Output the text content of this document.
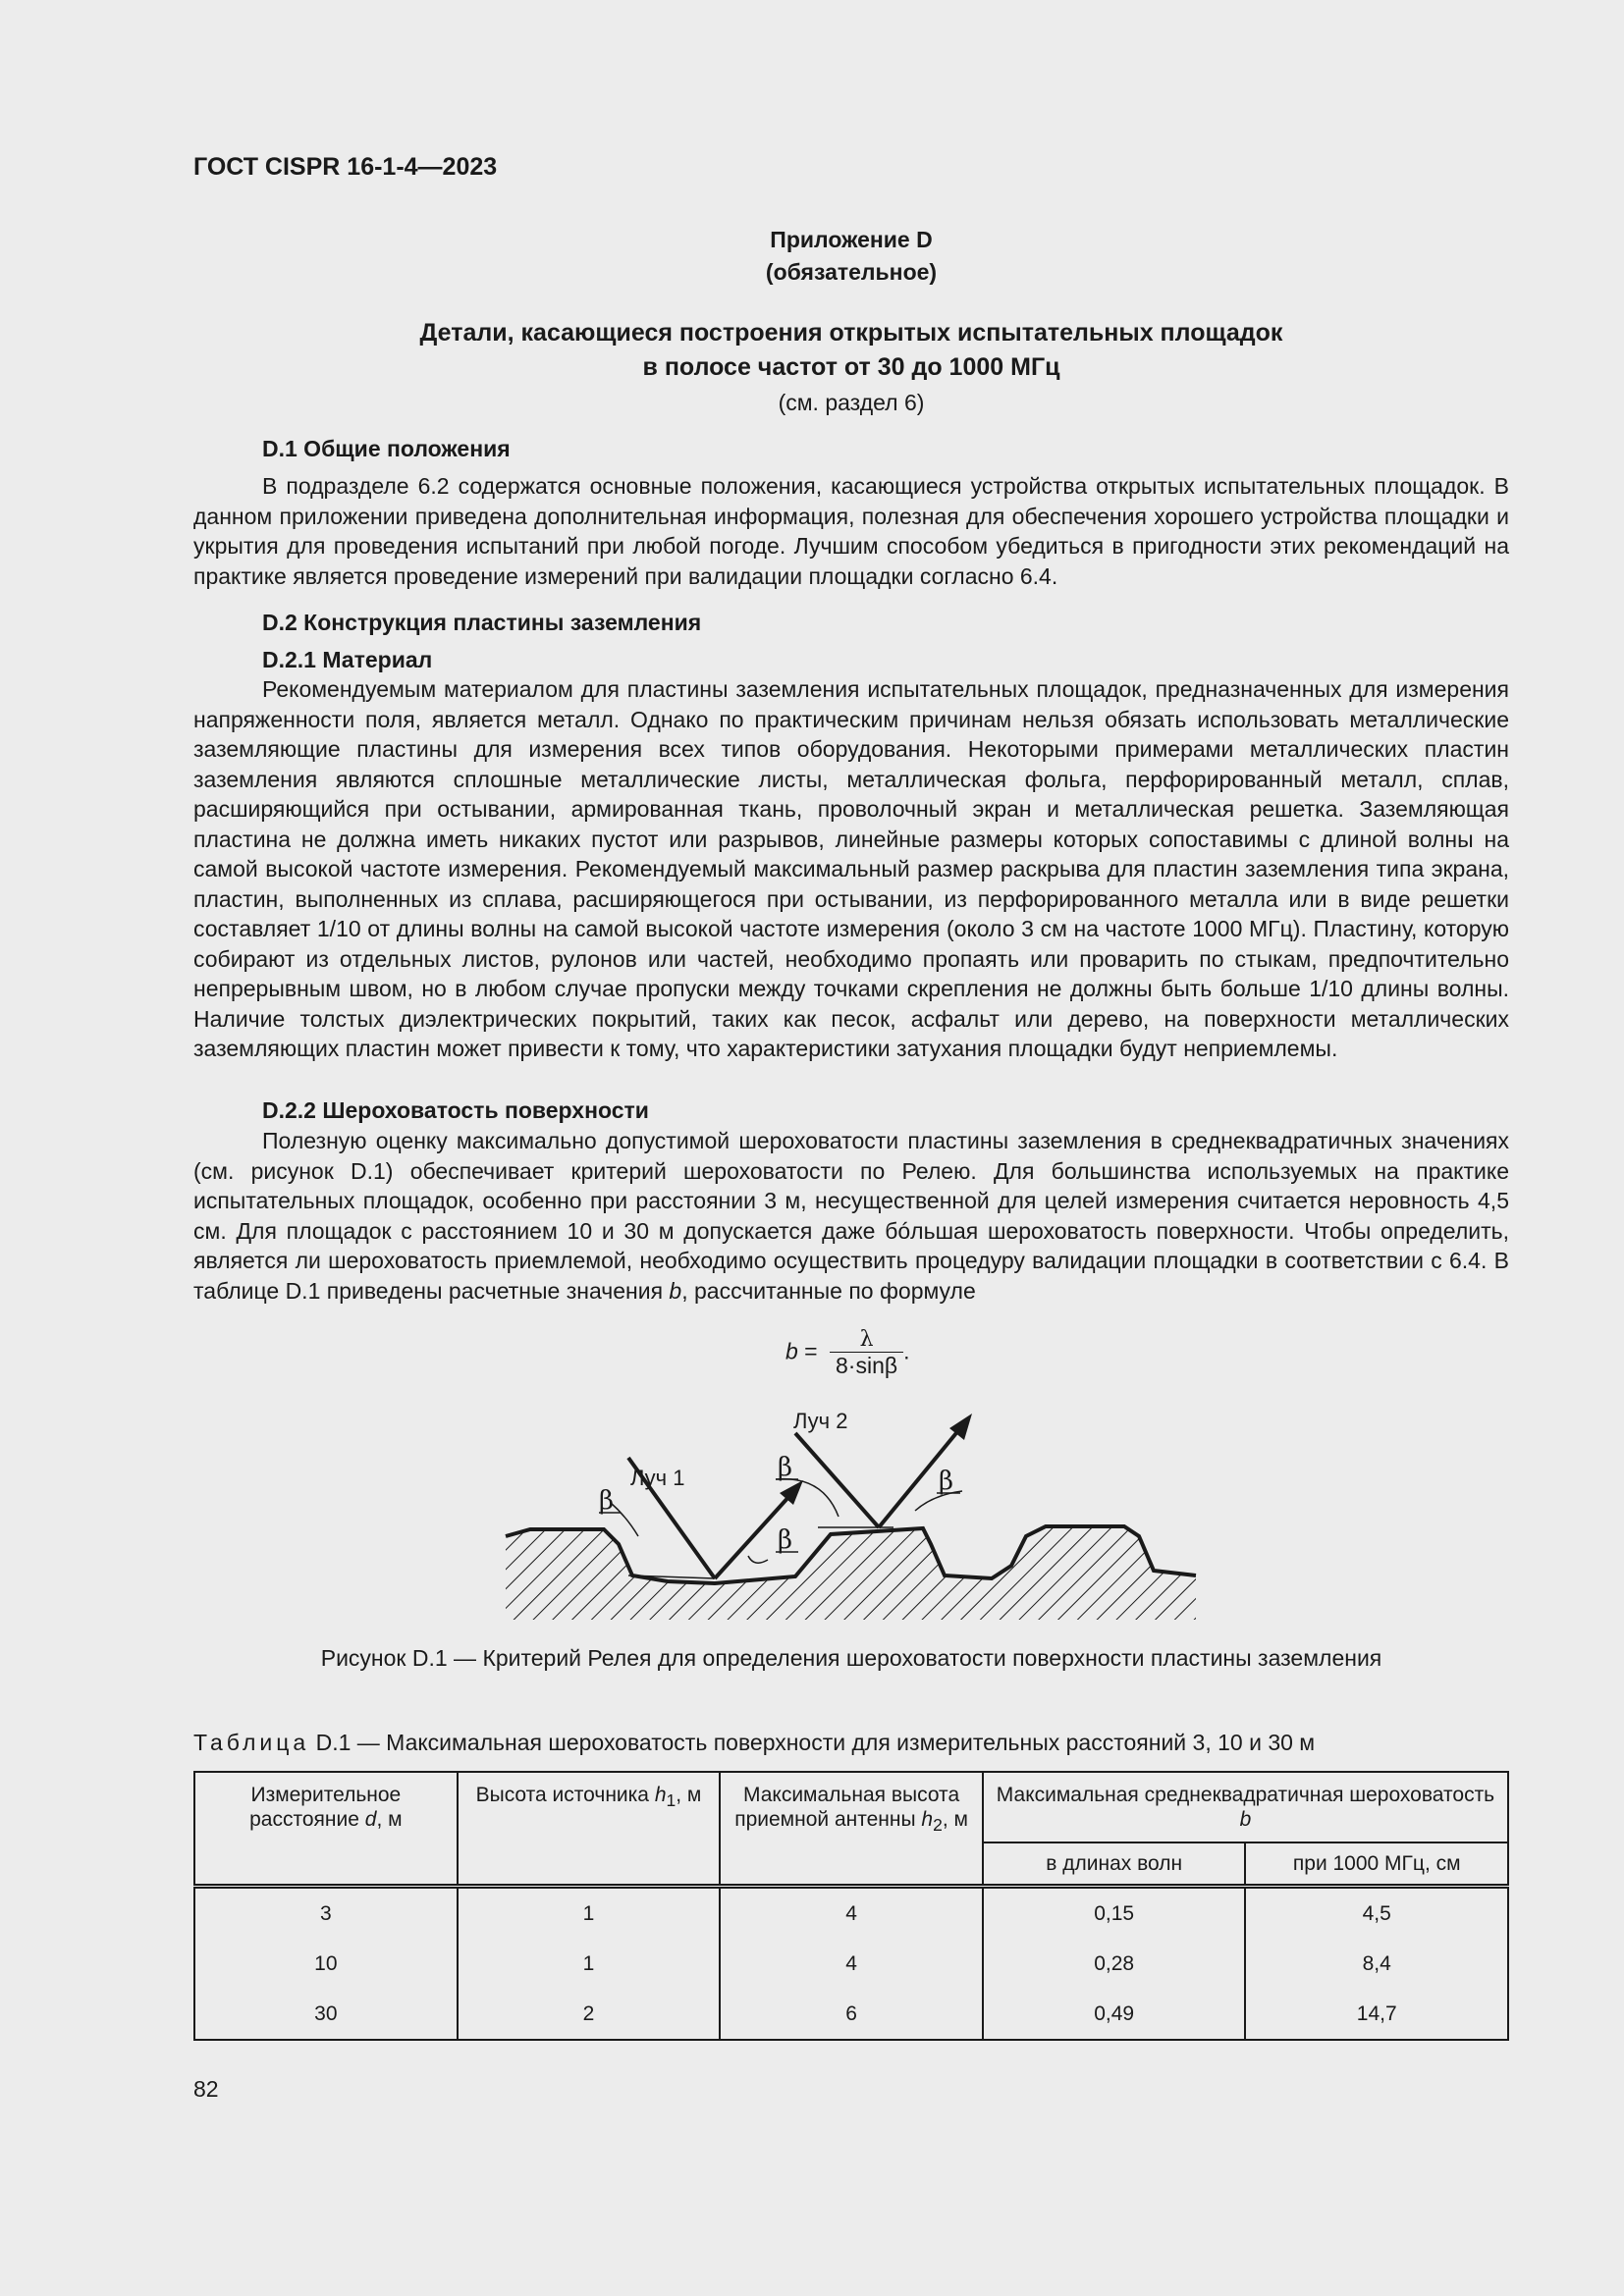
ГОСТ CISPR 16-1-4—2023
Приложение D
(обязательное)
Детали, касающиеся построения открытых испытательных площадок
в полосе частот от 30 до 1000 МГц
(см. раздел 6)
D.1 Общие положения

В подразделе 6.2 содержатся основные положения, касающиеся устройства открытых испытательных площадок. В данном приложении приведена дополнительная информация, полезная для обеспечения хорошего устройства площадки и укрытия для проведения испытаний при любой погоде. Лучшим способом убедиться в пригодности этих рекомендаций на практике является проведение измерений при валидации площадки согласно 6.4.

D.2 Конструкция пластины заземления
D.2.1 Материал

Рекомендуемым материалом для пластины заземления испытательных площадок, предназначенных для измерения напряженности поля, является металл. Однако по практическим причинам нельзя обязать использовать металлические заземляющие пластины для измерения всех типов оборудования. Некоторыми примерами металлических пластин заземления являются сплошные металлические листы, металлическая фольга, перфорированный металл, сплав, расширяющийся при остывании, армированная ткань, проволочный экран и металлическая решетка. Заземляющая пластина не должна иметь никаких пустот или разрывов, линейные размеры которых сопоставимы с длиной волны на самой высокой частоте измерения. Рекомендуемый максимальный размер раскрыва для пластин заземления типа экрана, пластин, выполненных из сплава, расширяющегося при остывании, из перфорированного металла или в виде решетки составляет 1/10 от длины волны на самой высокой частоте измерения (около 3 см на частоте 1000 МГц). Пластину, которую собирают из отдельных листов, рулонов или частей, необходимо пропаять или проварить по стыкам, предпочтительно непрерывным швом, но в любом случае пропуски между точками скрепления не должны быть больше 1/10 длины волны. Наличие толстых диэлектрических покрытий, таких как песок, асфальт или дерево, на поверхности металлических заземляющих пластин может привести к тому, что характеристики затухания площадки будут неприемлемы.

D.2.2 Шероховатость поверхности

Полезную оценку максимально допустимой шероховатости пластины заземления в среднеквадратичных значениях (см. рисунок D.1) обеспечивает критерий шероховатости по Релею. Для большинства используемых на практике испытательных площадок, особенно при расстоянии 3 м, несущественной для целей измерения считается неровность 4,5 см. Для площадок с расстоянием 10 и 30 м допускается даже бóльшая шероховатость поверхности. Чтобы определить, является ли шероховатость приемлемой, необходимо осуществить процедуру валидации площадки в соответствии с 6.4. В таблице D.1 приведены расчетные значения b, рассчитанные по формуле

$b = \frac{\lambda}{8\cdot\sin\beta}$ .
Луч 1
Луч 2
β
β
β
β
Рисунок D.1 — Критерий Релея для определения шероховатости поверхности пластины заземления
Таблица D.1 — Максимальная шероховатость поверхности для измерительных расстояний 3, 10 и 30 м
Измерительное расстояние d, м	Высота источника $h_1$, м	Максимальная высота приемной антенны $h_2$, м	Максимальная среднеквадратичная шероховатость b	
			в длинах волн	при 1000 МГц, см
3	1	4	0,15	4,5
10	1	4	0,28	8,4
30	2	6	0,49	14,7
82
